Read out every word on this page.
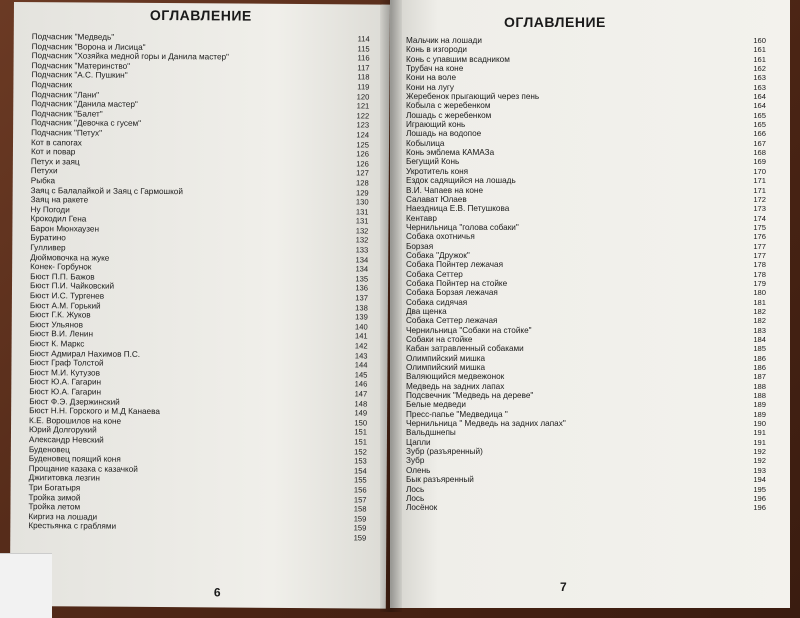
ОГЛАВЛЕНИЕ
Подчасник "Медведь"	114
Подчасник "Ворона и Лисица"	115
Подчасник "Хозяйка медной горы и Данила мастер"	116
Подчасник "Материнство"	117
Подчасник "А.С. Пушкин"	118
Подчасник	119
Подчасник "Лани"	120
Подчасник "Данила мастер"	121
Подчасник "Балет"	122
Подчасник "Девочка с гусем"	123
Подчасник "Петух"	124
Кот в сапогах	125
Кот и повар	126
Петух и заяц	126
Петухи	127
Рыбка	128
Заяц с Балалайкой и Заяц с Гармошкой	129
Заяц на ракете	130
Ну Погоди	131
Крокодил Гена	131
Барон Мюнхаузен	132
Буратино	132
Гулливер	133
Дюймовочка на жуке	134
Конек- Горбунок	134
Бюст П.П. Бажов	135
Бюст П.И. Чайковский	136
Бюст И.С. Тургенев	137
Бюст А.М. Горький	138
Бюст Г.К. Жуков	139
Бюст Ульянов	140
Бюст В.И. Ленин	141
Бюст К. Маркс	142
Бюст Адмирал Нахимов П.С.	143
Бюст Граф Толстой	144
Бюст М.И. Кутузов	145
Бюст Ю.А. Гагарин	146
Бюст Ю.А. Гагарин	147
Бюст Ф.Э. Дзержинский	148
Бюст Н.Н. Горского и М.Д Канаева	149
К.Е. Ворошилов на коне	150
Юрий Долгорукий	151
Александр Невский	151
Буденовец	152
Буденовец поящий коня	153
Прощание казака с казачкой	154
Джигитовка лезгин	155
Три Богатыря	156
Тройка зимой	157
Тройка летом	158
Киргиз на лошади	159
Крестьянка с граблями	159
159
6
ОГЛАВЛЕНИЕ
Мальчик на лошади	160
Конь в изгороди	161
Конь с упавшим всадником	161
Трубач на коне	162
Кони на воле	163
Кони на лугу	163
Жеребенок прыгающий через пень	164
Кобыла с жеребенком	164
Лошадь с жеребенком	165
Играющий конь	165
Лошадь на водопое	166
Кобылица	167
Конь эмблема КАМАЗа	168
Бегущий Конь	169
Укротитель коня	170
Ездок садящийся на лошадь	171
В.И. Чапаев на коне	171
Салават Юлаев	172
Наездница Е.В. Петушкова	173
Кентавр	174
Чернильница "голова собаки"	175
Собака охотничья	176
Борзая	177
Собака "Дружок"	177
Собака Пойнтер лежачая	178
Собака Сеттер	178
Собака Пойнтер на стойке	179
Собака Борзая лежачая	180
Собака сидячая	181
Два щенка	182
Собака Сеттер лежачая	182
Чернильница "Собаки на стойке"	183
Собаки на стойке	184
Кабан затравленный собаками	185
Олимпийский мишка	186
Олимпийский мишка	186
Валяющийся медвежонок	187
Медведь на задних лапах	188
Подсвечник "Медведь на дереве"	188
Белые медведи	189
Пресс-папье "Медведица "	189
Чернильница " Медведь на задних лапах"	190
Вальдшнепы	191
Цапли	191
Зубр (разъяренный)	192
Зубр	192
Олень	193
Бык разъяренный	194
Лось	195
Лось	196
Лосёнок	196
7
